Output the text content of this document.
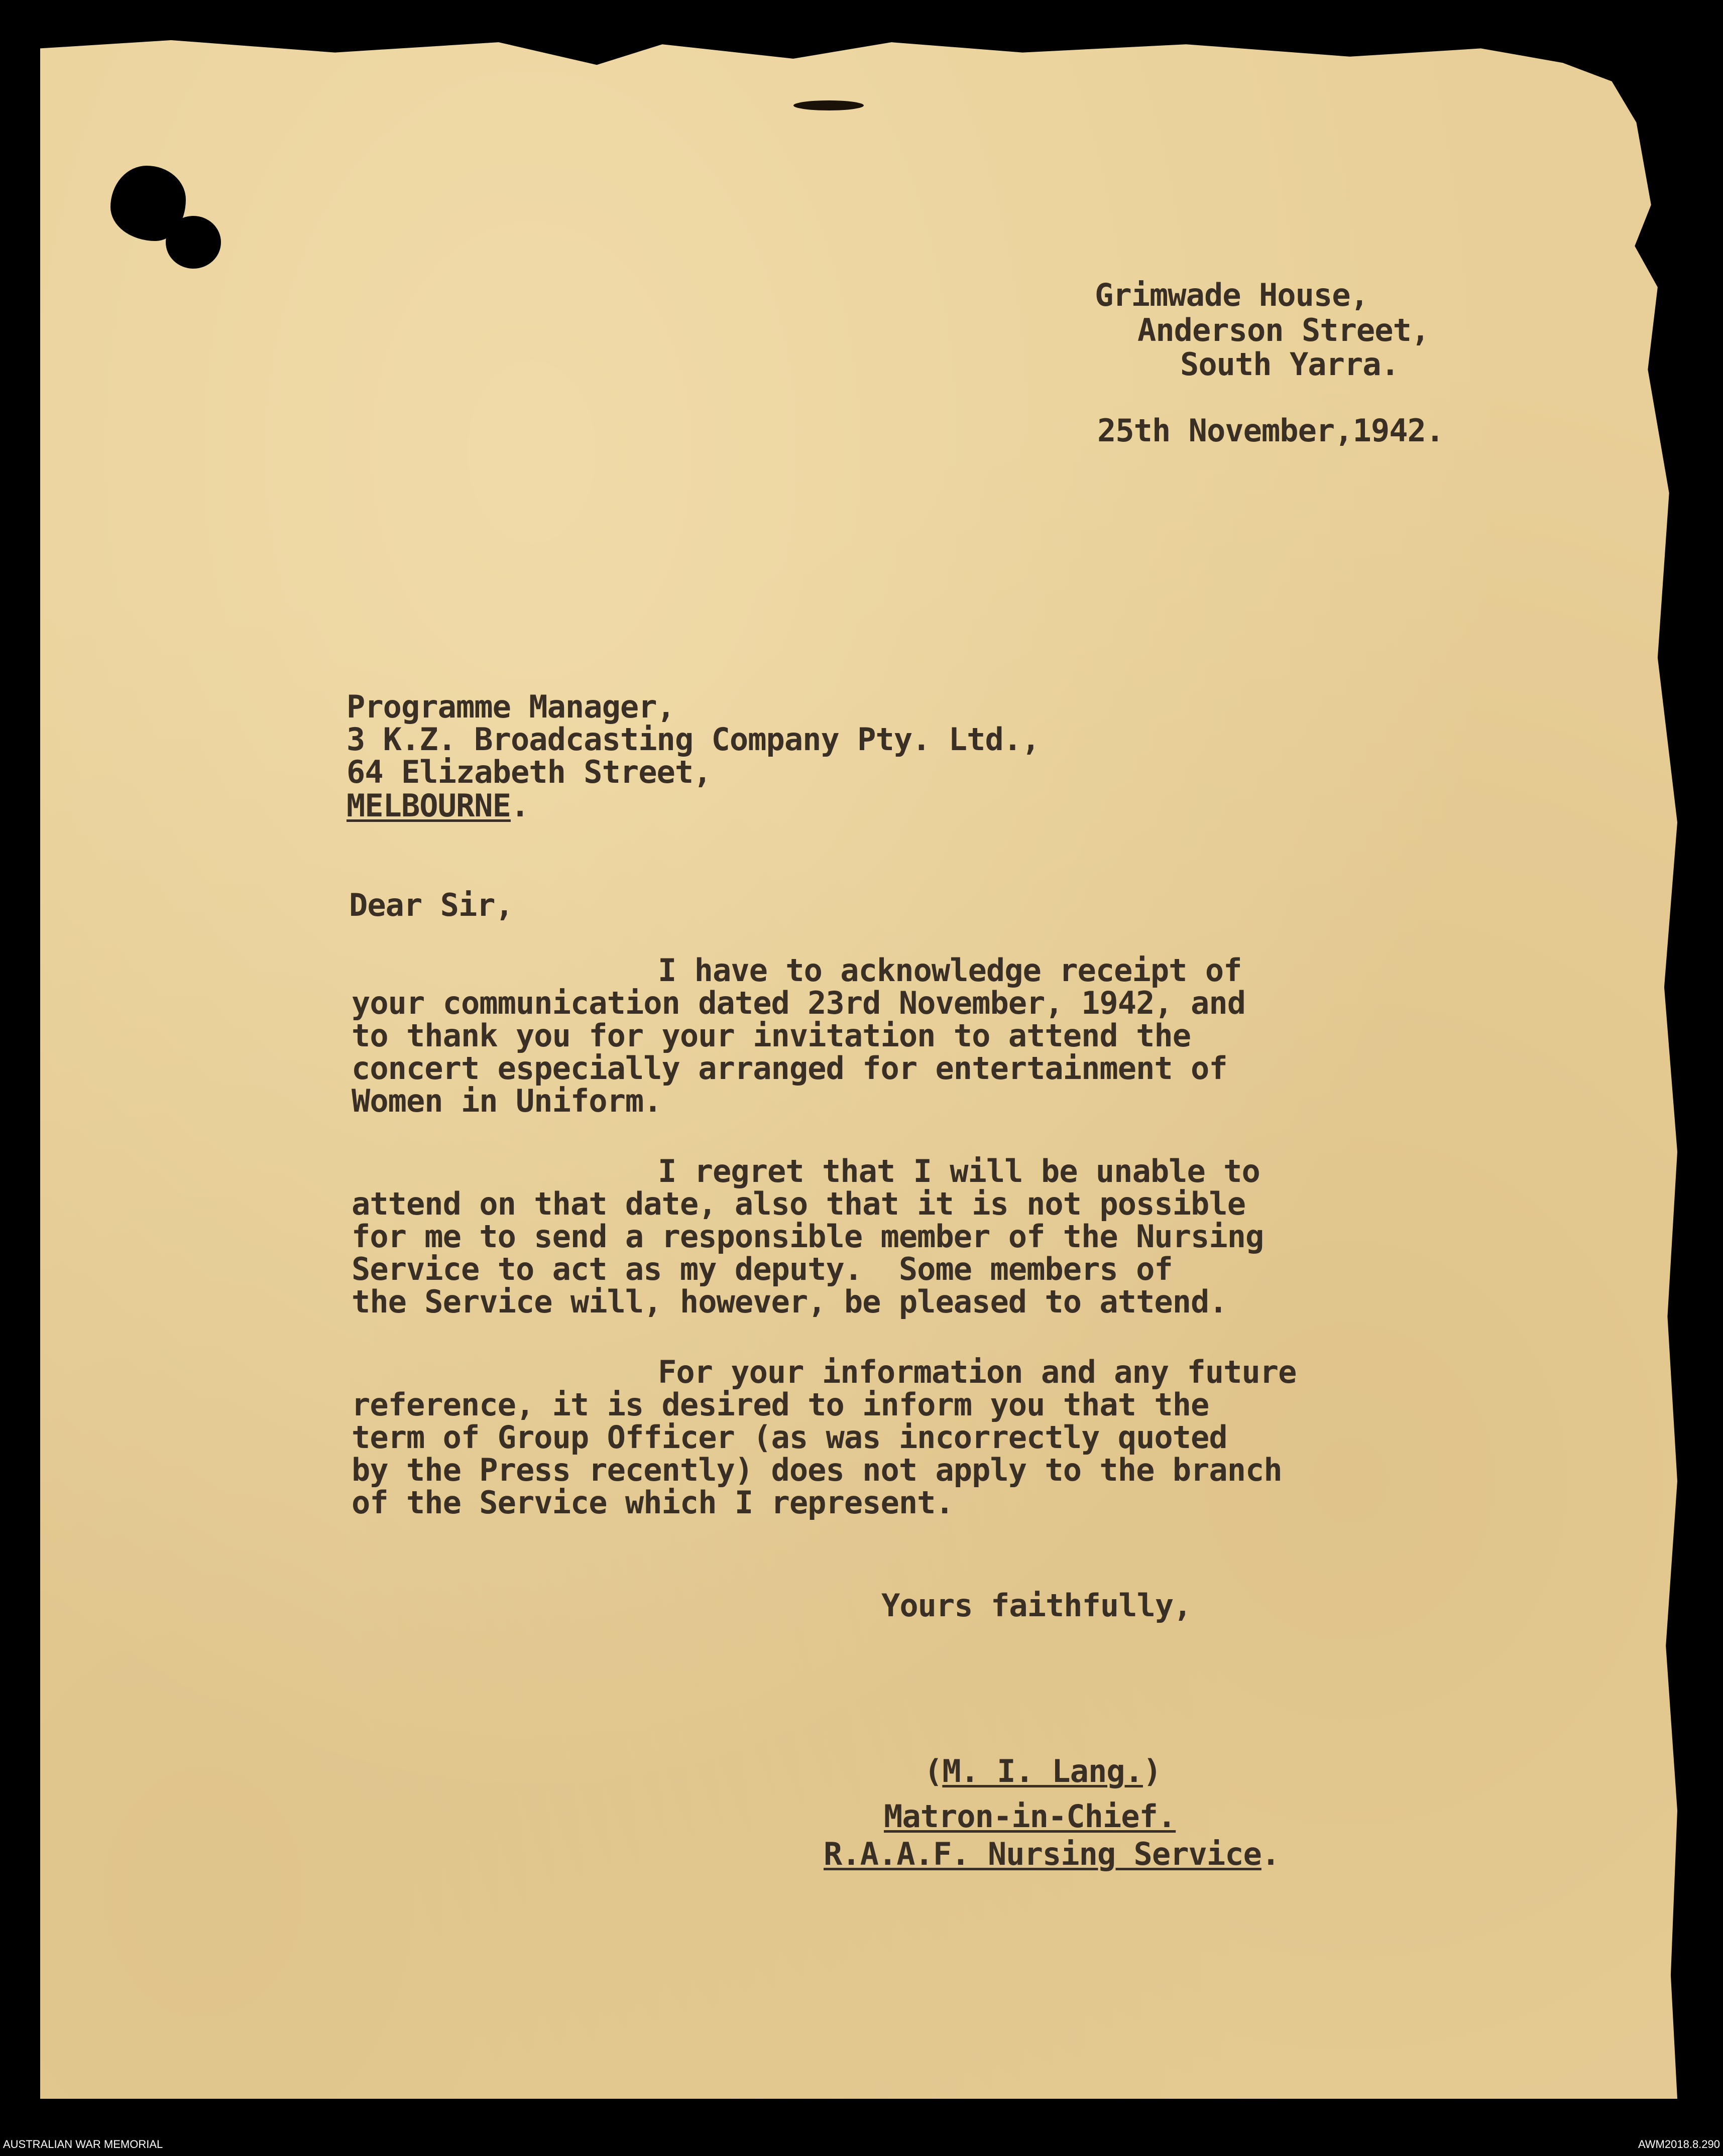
Grimwade House,

Anderson Street,

South Yarra.

25th November,1942.

Programme Manager,

3 K.Z. Broadcasting Company Pty. Ltd.,

64 Elizabeth Street,

MELBOURNE.

Dear Sir,

I have to acknowledge receipt of

your communication dated 23rd November, 1942, and

to thank you for your invitation to attend the

concert especially arranged for entertainment of

Women in Uniform.

I regret that I will be unable to

attend on that date, also that it is not possible

for me to send a responsible member of the Nursing

Service to act as my deputy.  Some members of

the Service will, however, be pleased to attend.

For your information and any future

reference, it is desired to inform you that the

term of Group Officer (as was incorrectly quoted

by the Press recently) does not apply to the branch

of the Service which I represent.

Yours faithfully,

(M. I. Lang.)

Matron-in-Chief.

R.A.A.F. Nursing Service.

AUSTRALIAN WAR MEMORIAL	AWM2018.8.290
